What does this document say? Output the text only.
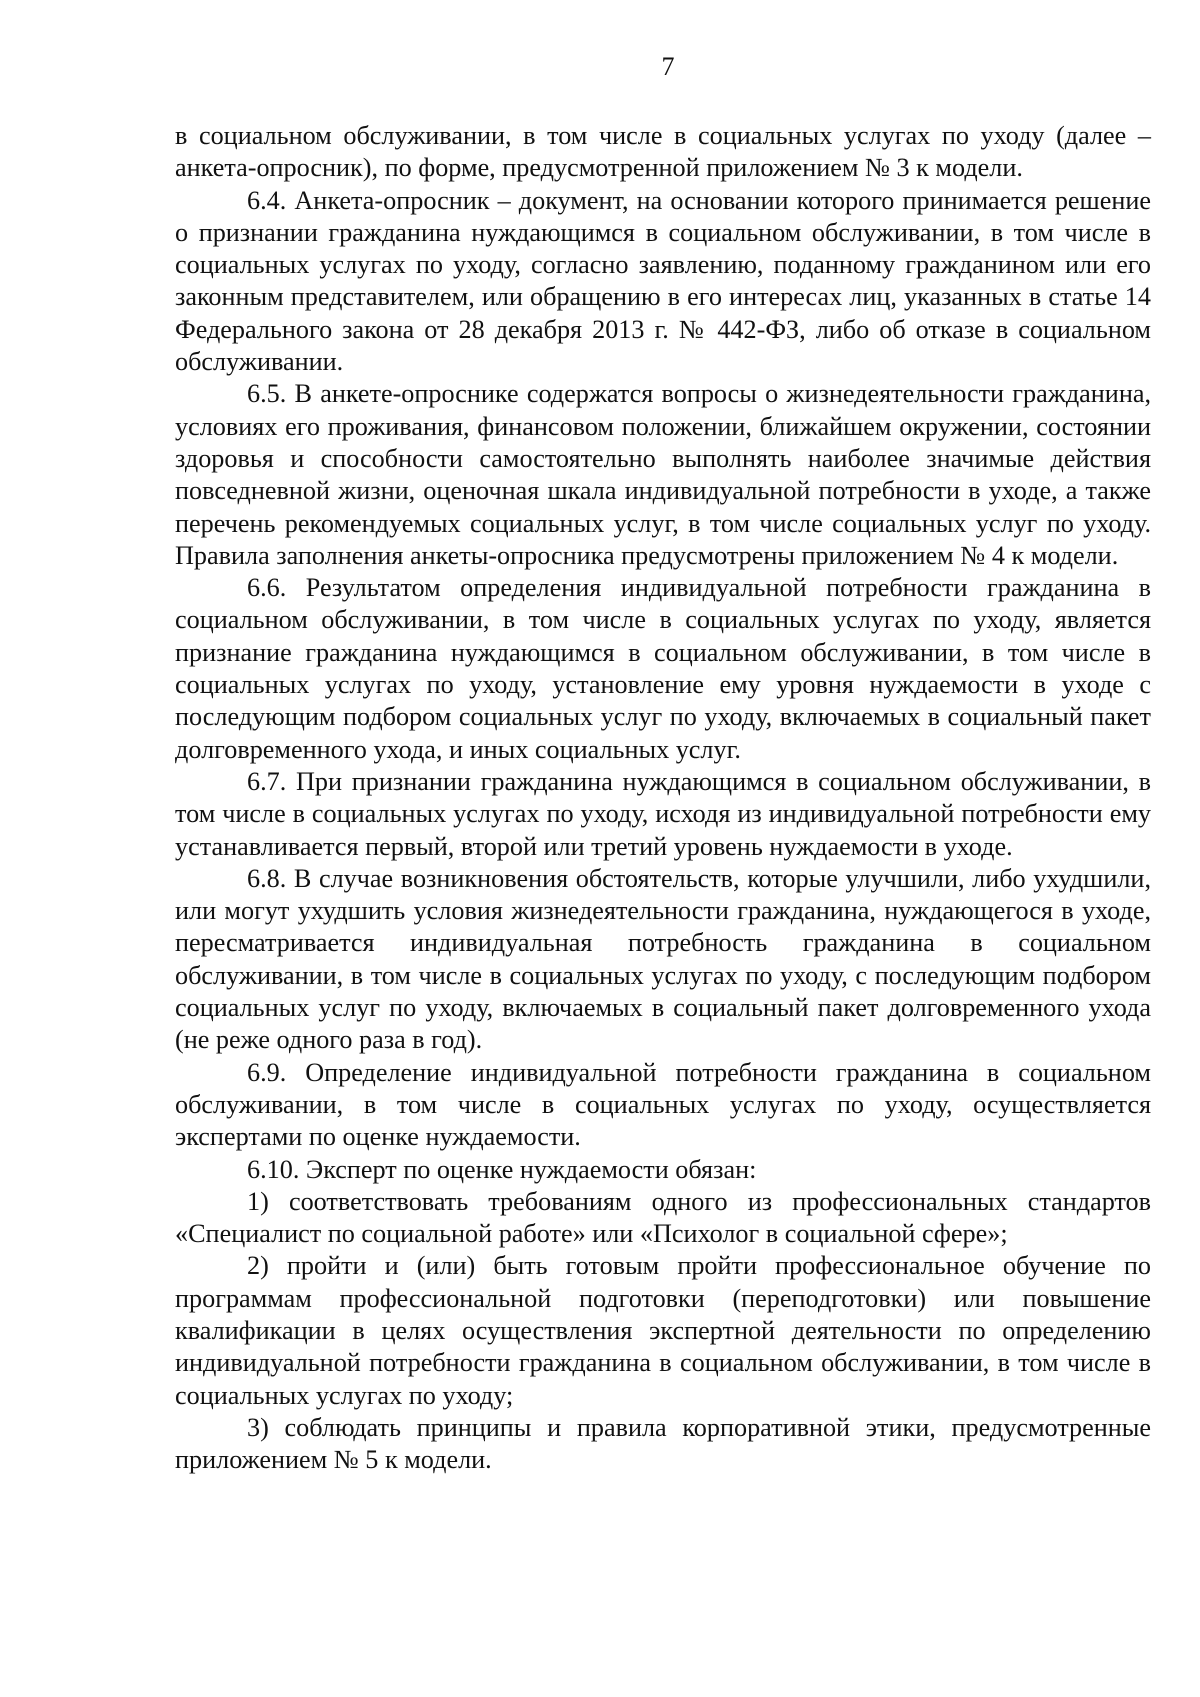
7

в социальном обслуживании, в том числе в социальных услугах по уходу (далее – анкета-опросник), по форме, предусмотренной приложением № 3 к модели.

6.4. Анкета-опросник – документ, на основании которого принимается решение о признании гражданина нуждающимся в социальном обслуживании, в том числе в социальных услугах по уходу, согласно заявлению, поданному гражданином или его законным представителем, или обращению в его интересах лиц, указанных в статье 14 Федерального закона от 28 декабря 2013 г. № 442-ФЗ, либо об отказе в социальном обслуживании.

6.5. В анкете-опроснике содержатся вопросы о жизнедеятельности гражданина, условиях его проживания, финансовом положении, ближайшем окружении, состоянии здоровья и способности самостоятельно выполнять наиболее значимые действия повседневной жизни, оценочная шкала индивидуальной потребности в уходе, а также перечень рекомендуемых социальных услуг, в том числе социальных услуг по уходу. Правила заполнения анкеты-опросника предусмотрены приложением № 4 к модели.

6.6. Результатом определения индивидуальной потребности гражданина в социальном обслуживании, в том числе в социальных услугах по уходу, является признание гражданина нуждающимся в социальном обслуживании, в том числе в социальных услугах по уходу, установление ему уровня нуждаемости в уходе с последующим подбором социальных услуг по уходу, включаемых в социальный пакет долговременного ухода, и иных социальных услуг.

6.7. При признании гражданина нуждающимся в социальном обслуживании, в том числе в социальных услугах по уходу, исходя из индивидуальной потребности ему устанавливается первый, второй или третий уровень нуждаемости в уходе.

6.8. В случае возникновения обстоятельств, которые улучшили, либо ухудшили, или могут ухудшить условия жизнедеятельности гражданина, нуждающегося в уходе, пересматривается индивидуальная потребность гражданина в социальном обслуживании, в том числе в социальных услугах по уходу, с последующим подбором социальных услуг по уходу, включаемых в социальный пакет долговременного ухода (не реже одного раза в год).

6.9. Определение индивидуальной потребности гражданина в социальном обслуживании, в том числе в социальных услугах по уходу, осуществляется экспертами по оценке нуждаемости.

6.10. Эксперт по оценке нуждаемости обязан:

1) соответствовать требованиям одного из профессиональных стандартов «Специалист по социальной работе» или «Психолог в социальной сфере»;

2) пройти и (или) быть готовым пройти профессиональное обучение по программам профессиональной подготовки (переподготовки) или повышение квалификации в целях осуществления экспертной деятельности по определению индивидуальной потребности гражданина в социальном обслуживании, в том числе в социальных услугах по уходу;

3) соблюдать принципы и правила корпоративной этики, предусмотренные приложением № 5 к модели.
